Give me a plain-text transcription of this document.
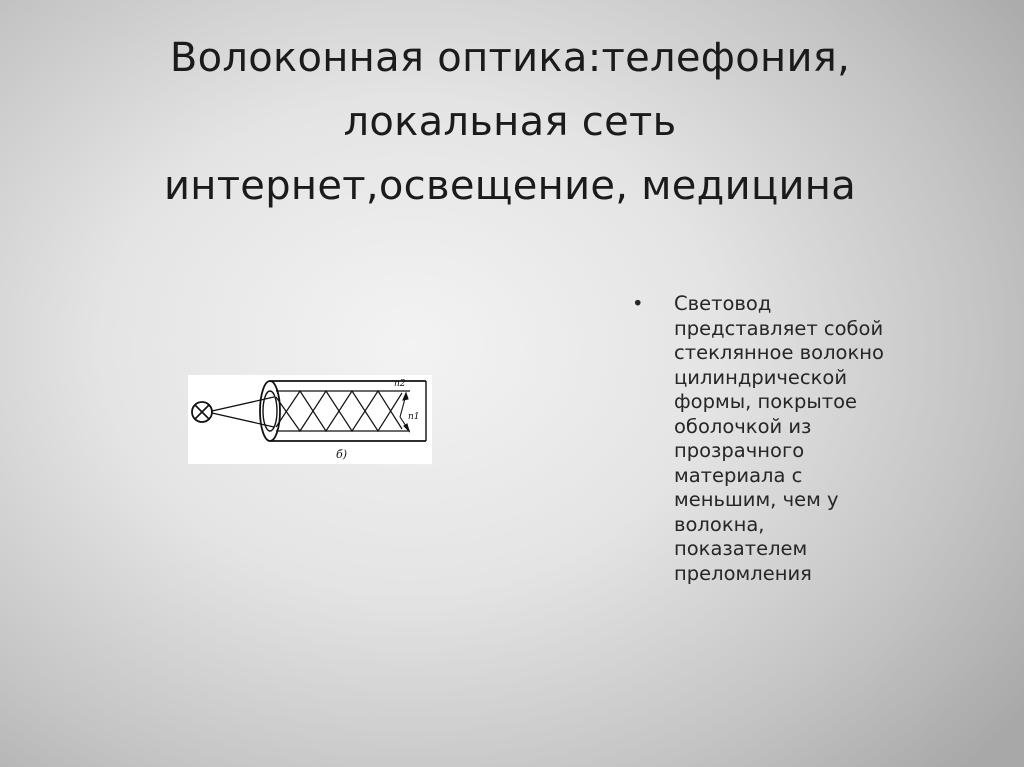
Волоконная оптика:телефония,
локальная сеть
интернет,освещение, медицина
n2
n1
б)
• Световод представляет собой стеклянное волокно цилиндрической формы, покрытое оболочкой из прозрачного материала с меньшим, чем у волокна, показателем преломления
